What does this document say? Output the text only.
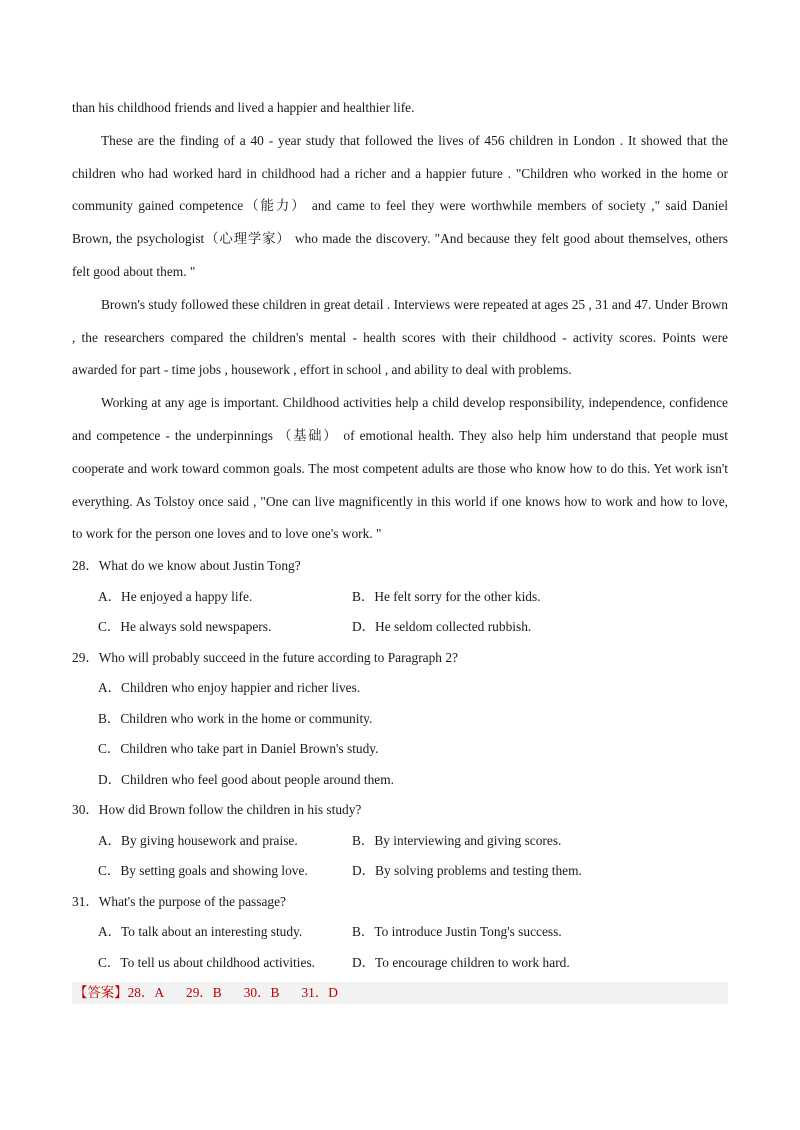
than his childhood friends and lived a happier and healthier life.

These are the finding of a 40 - year study that followed the lives of 456 children in London . It showed that the children who had worked hard in childhood had a richer and a happier future . "Children who worked in the home or community gained competence（能力） and came to feel they were worthwhile members of society ," said Daniel Brown, the psychologist（心理学家） who made the discovery. "And because they felt good about themselves, others felt good about them. "

Brown's study followed these children in great detail . Interviews were repeated at ages 25 , 31 and 47. Under Brown , the researchers compared the children's mental - health scores with their childhood - activity scores. Points were awarded for part - time jobs , housework , effort in school , and ability to deal with problems.

Working at any age is important. Childhood activities help a child develop responsibility, independence, confidence and competence - the underpinnings （基础） of emotional health. They also help him understand that people must cooperate and work toward common goals. The most competent adults are those who know how to do this. Yet work isn't everything. As Tolstoy once said , "One can live magnificently in this world if one knows how to work and how to love, to work for the person one loves and to love one's work. "

28．What do we know about Justin Tong?

A．He enjoyed a happy life.	B．He felt sorry for the other kids.
C．He always sold newspapers.	D．He seldom collected rubbish.

29．Who will probably succeed in the future according to Paragraph 2?

A．Children who enjoy happier and richer lives.
B．Children who work in the home or community.
C．Children who take part in Daniel Brown's study.
D．Children who feel good about people around them.

30．How did Brown follow the children in his study?

A．By giving housework and praise.	B．By interviewing and giving scores.
C．By setting goals and showing love.	D．By solving problems and testing them.

31．What's the purpose of the passage?

A．To talk about an interesting study.	B．To introduce Justin Tong's success.
C．To tell us about childhood activities.	D．To encourage children to work hard.
【答案】28．A 29．B 30．B 31．D
